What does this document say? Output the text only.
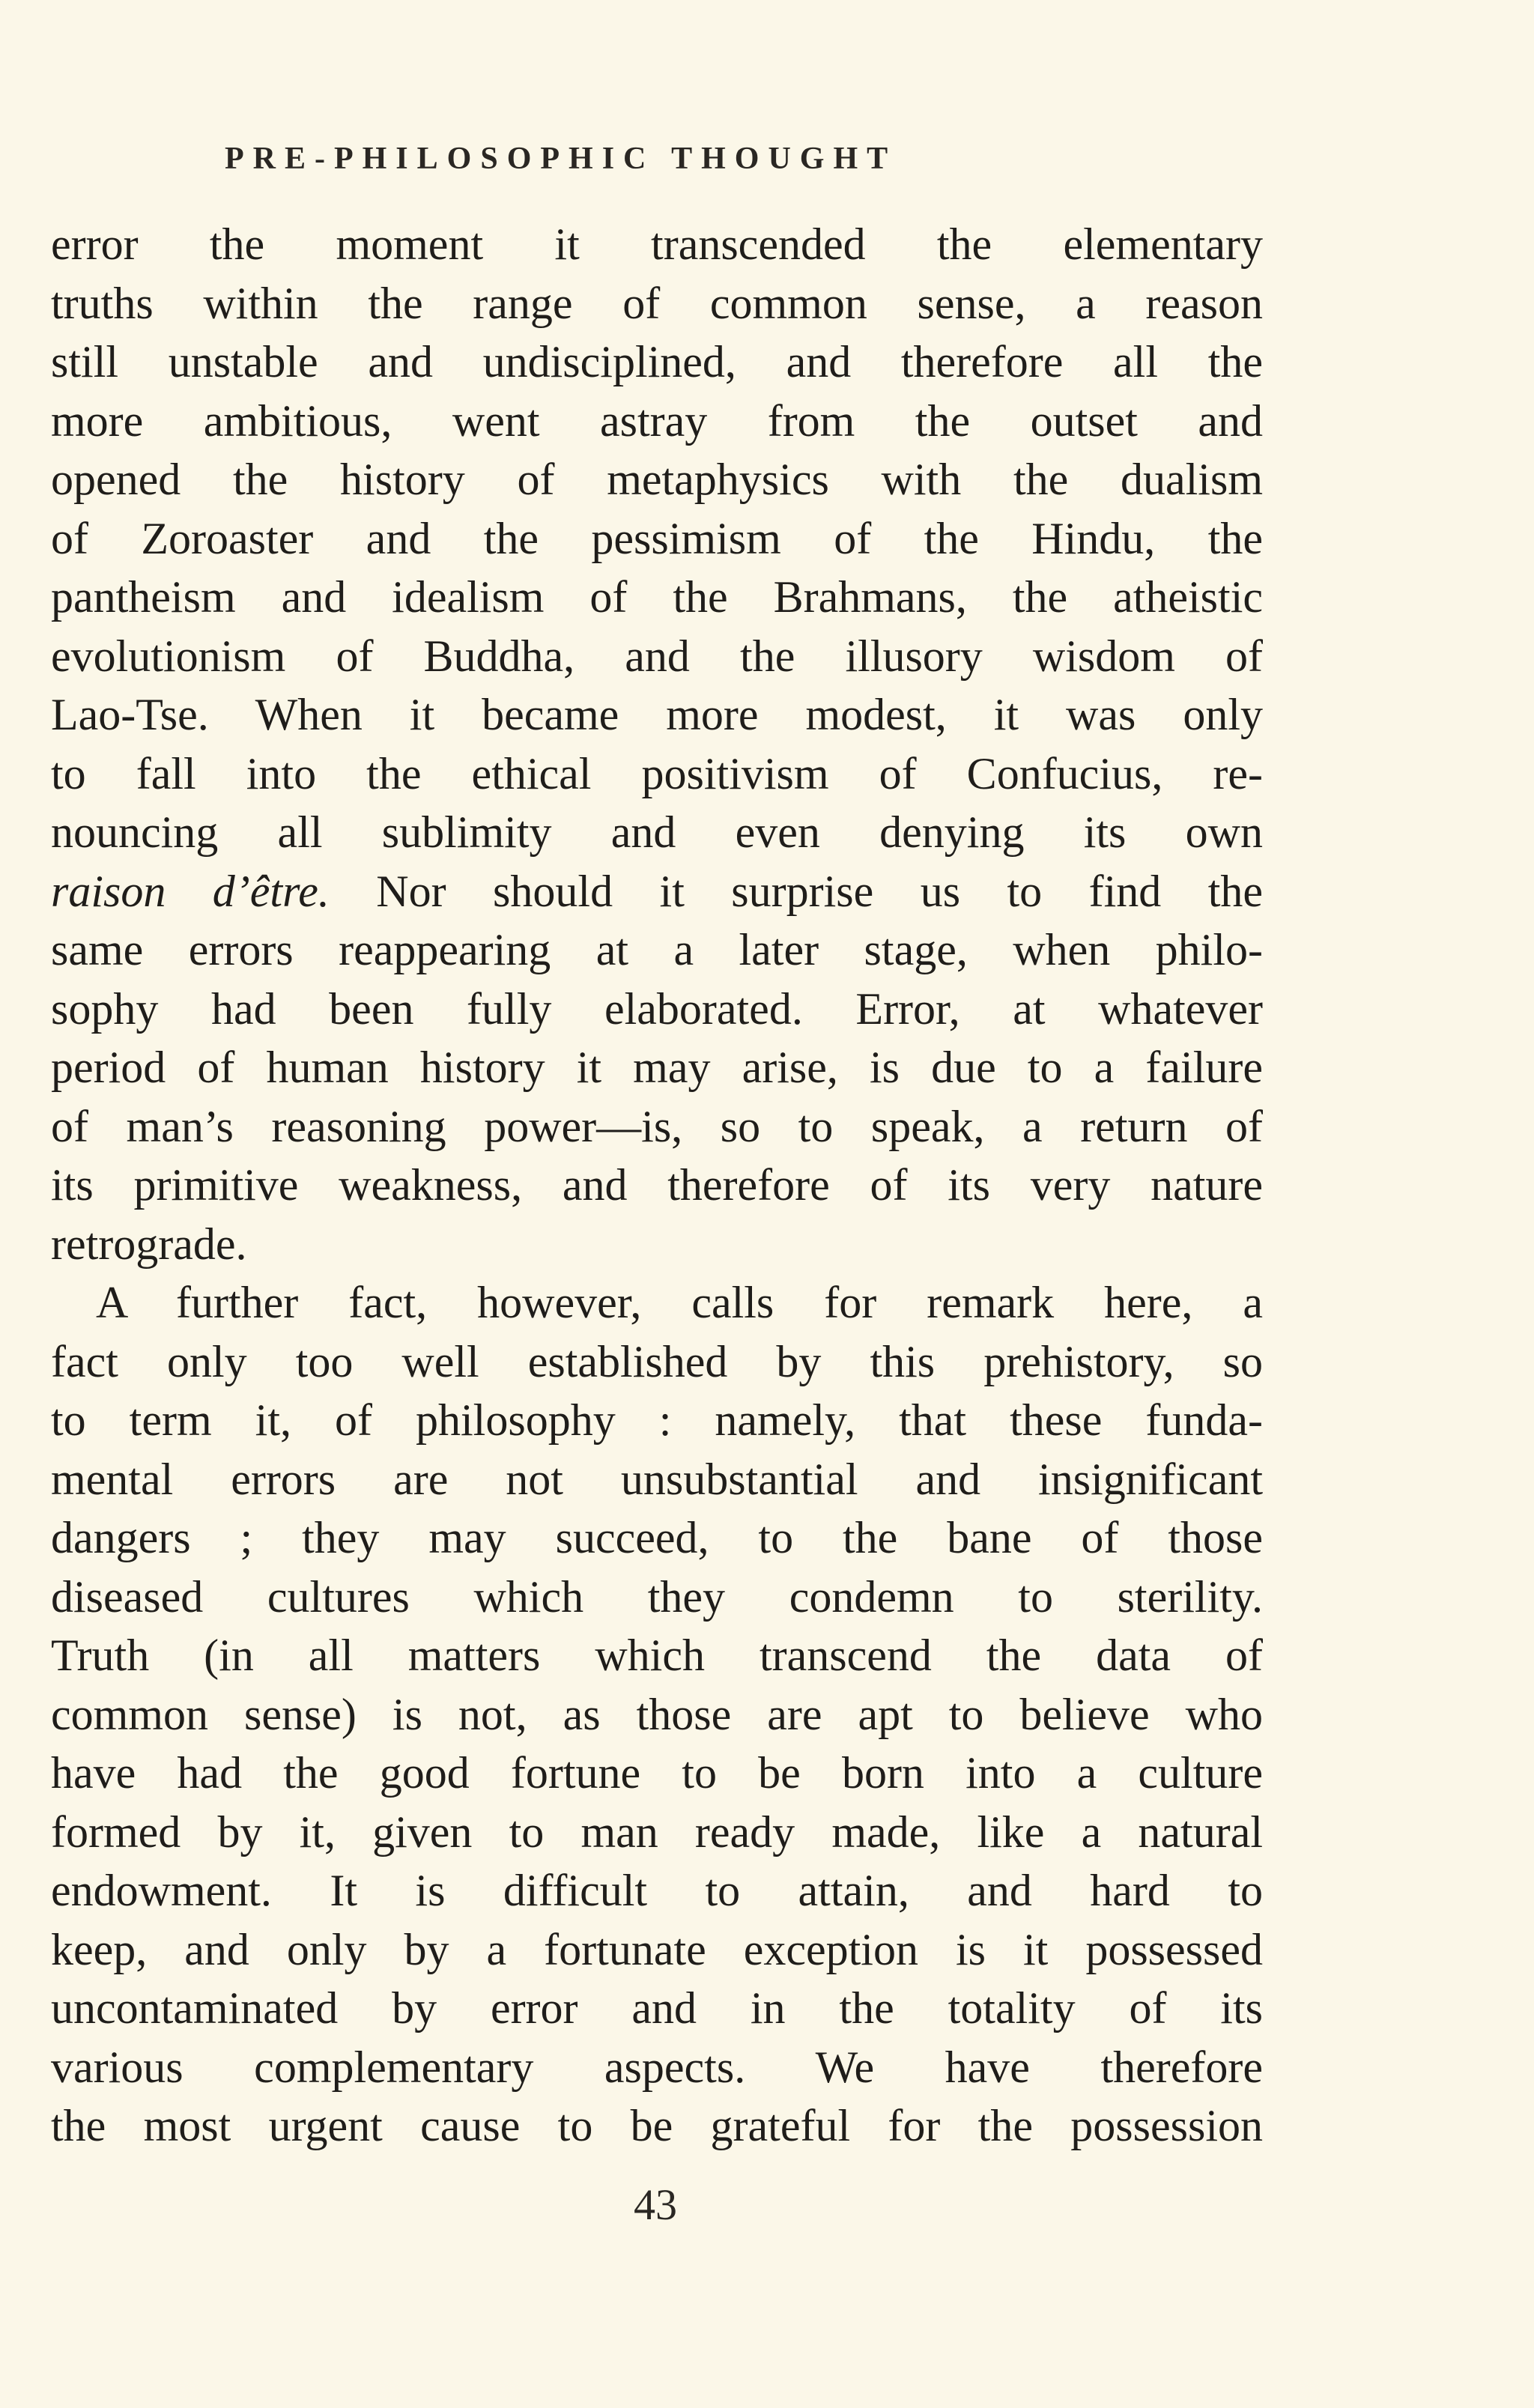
PRE-PHILOSOPHIC THOUGHT
error the moment it transcended the elementary
truths within the range of common sense, a reason
still unstable and undisciplined, and therefore all the
more ambitious, went astray from the outset and
opened the history of metaphysics with the dualism
of Zoroaster and the pessimism of the Hindu, the
pantheism and idealism of the Brahmans, the atheistic
evolutionism of Buddha, and the illusory wisdom of
Lao-Tse. When it became more modest, it was only
to fall into the ethical positivism of Confucius, re-
nouncing all sublimity and even denying its own
raison d’être. Nor should it surprise us to find the
same errors reappearing at a later stage, when philo-
sophy had been fully elaborated. Error, at whatever
period of human history it may arise, is due to a failure
of man’s reasoning power—is, so to speak, a return of
its primitive weakness, and therefore of its very nature
retrograde.
A further fact, however, calls for remark here, a
fact only too well established by this prehistory, so
to term it, of philosophy : namely, that these funda-
mental errors are not unsubstantial and insignificant
dangers ; they may succeed, to the bane of those
diseased cultures which they condemn to sterility.
Truth (in all matters which transcend the data of
common sense) is not, as those are apt to believe who
have had the good fortune to be born into a culture
formed by it, given to man ready made, like a natural
endowment. It is difficult to attain, and hard to
keep, and only by a fortunate exception is it possessed
uncontaminated by error and in the totality of its
various complementary aspects. We have therefore
the most urgent cause to be grateful for the possession
43
